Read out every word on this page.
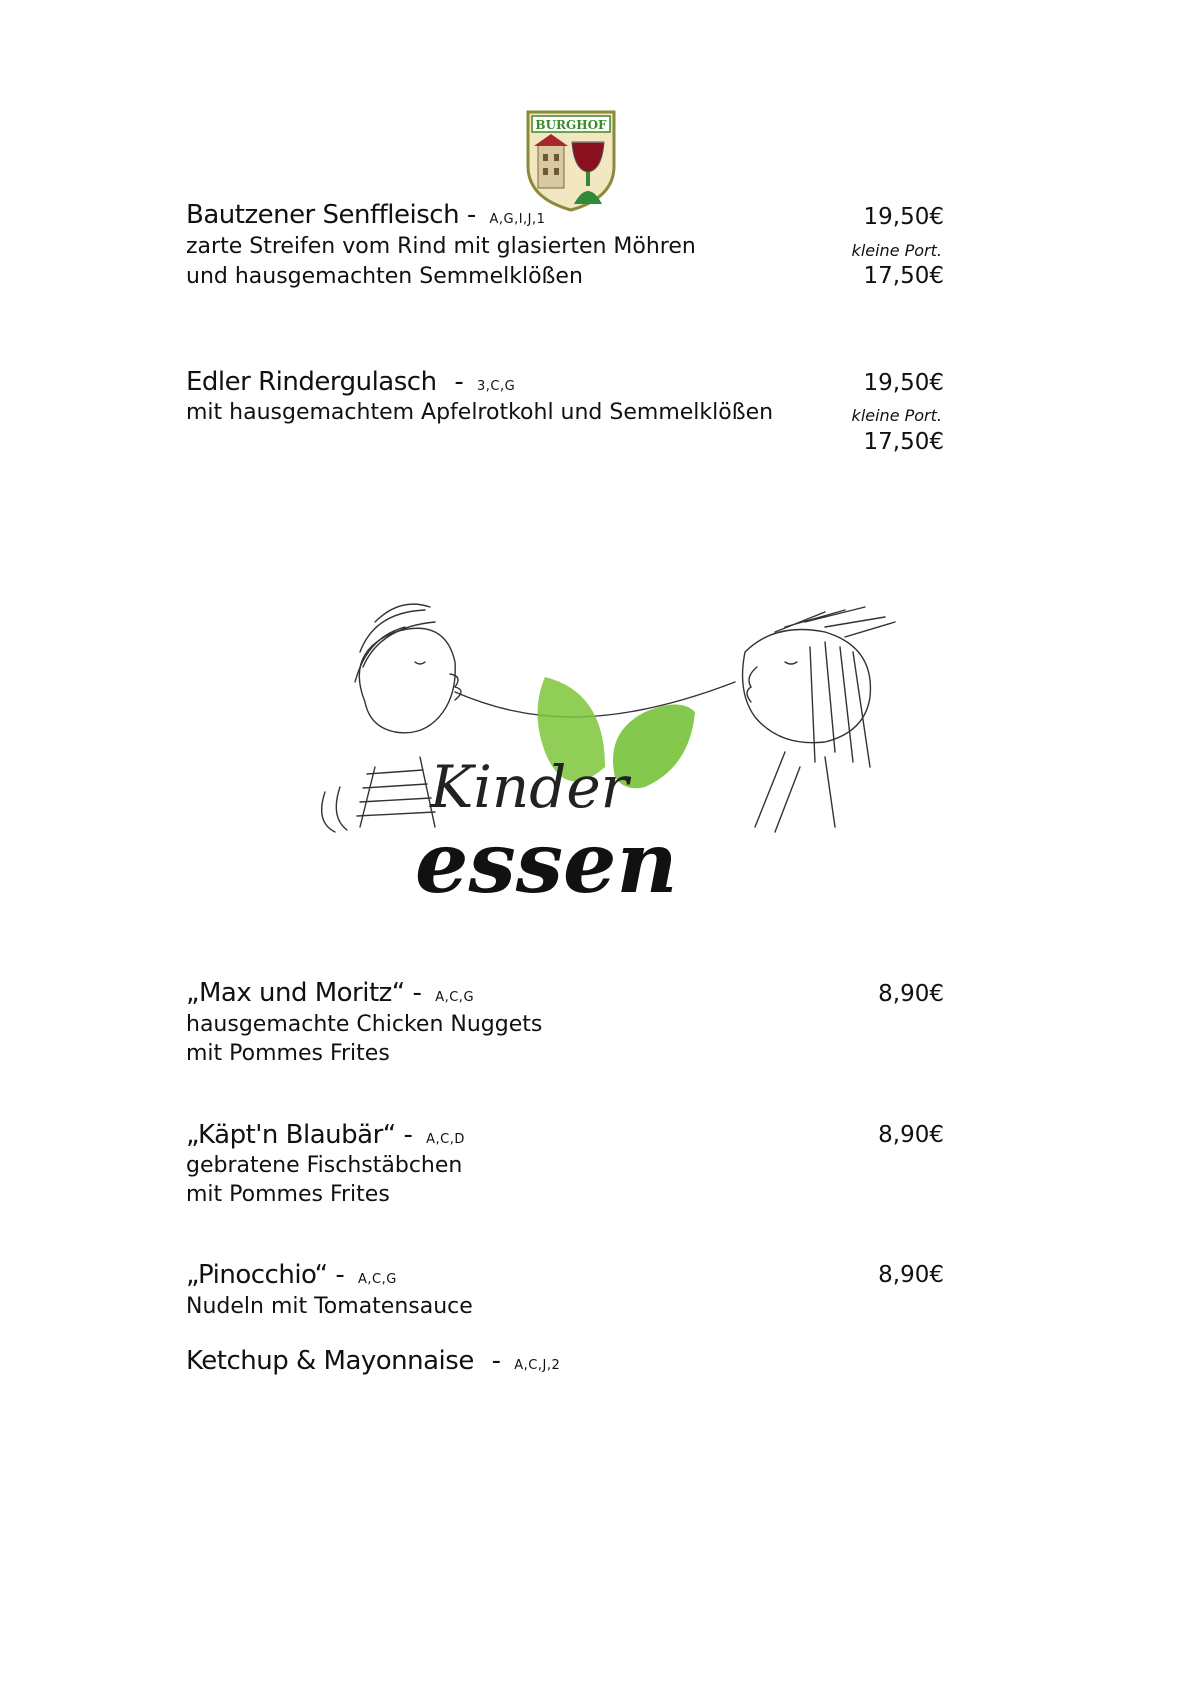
BURGHOF
Bautzener Senffleisch - A,G,I,J,1
zarte Streifen vom Rind mit glasierten Möhren
und hausgemachten Semmelklößen
19,50€
kleine Port.
17,50€
Edler Rindergulasch - 3,C,G
mit hausgemachtem Apfelrotkohl und Semmelklößen
19,50€
kleine Port.
17,50€
Kinder
essen
„Max und Moritz“ - A,C,G
hausgemachte Chicken Nuggets
mit Pommes Frites
8,90€
„Käpt'n Blaubär“ - A,C,D
gebratene Fischstäbchen
mit Pommes Frites
8,90€
„Pinocchio“ - A,C,G
Nudeln mit Tomatensauce
8,90€
Ketchup & Mayonnaise - A,C,J,2
